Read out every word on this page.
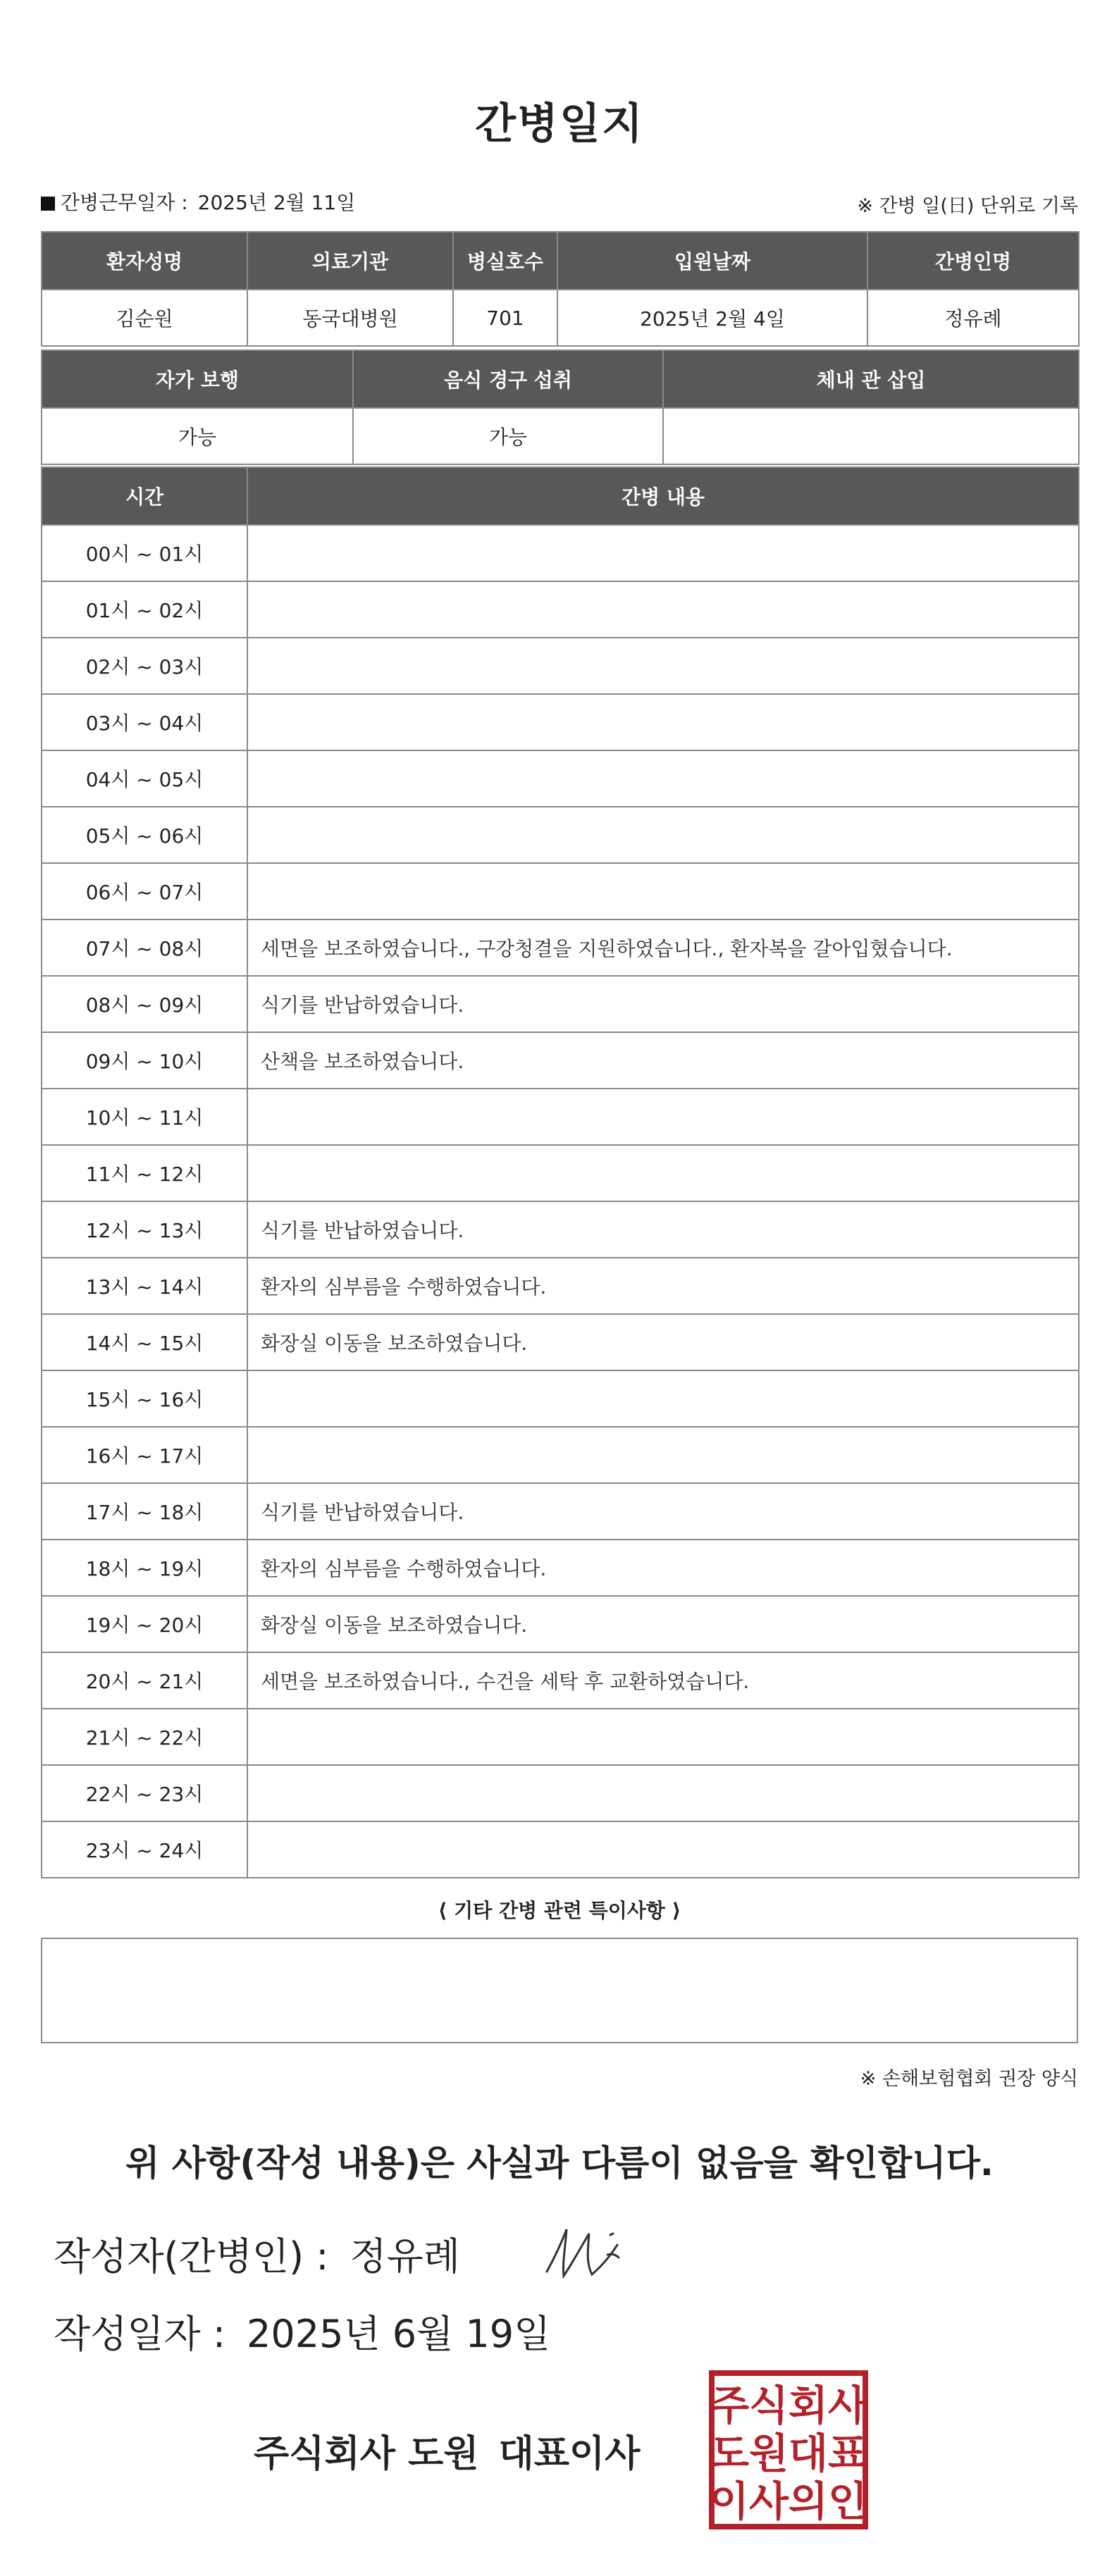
간병일지
간병근무일자 : 2025년 2월 11일	※ 간병 일(日) 단위로 기록
환자성명	의료기관	병실호수	입원날짜	간병인명
김순원	동국대병원	701	2025년 2월 4일	정유례
자가 보행	음식 경구 섭취	체내 관 삽입
가능	가능	
시간	간병 내용
00시 ~ 01시	
01시 ~ 02시	
02시 ~ 03시	
03시 ~ 04시	
04시 ~ 05시	
05시 ~ 06시	
06시 ~ 07시	
07시 ~ 08시	세면을 보조하였습니다., 구강청결을 지원하였습니다., 환자복을 갈아입혔습니다.
08시 ~ 09시	식기를 반납하였습니다.
09시 ~ 10시	산책을 보조하였습니다.
10시 ~ 11시	
11시 ~ 12시	
12시 ~ 13시	식기를 반납하였습니다.
13시 ~ 14시	환자의 심부름을 수행하였습니다.
14시 ~ 15시	화장실 이동을 보조하였습니다.
15시 ~ 16시	
16시 ~ 17시	
17시 ~ 18시	식기를 반납하였습니다.
18시 ~ 19시	환자의 심부름을 수행하였습니다.
19시 ~ 20시	화장실 이동을 보조하였습니다.
20시 ~ 21시	세면을 보조하였습니다., 수건을 세탁 후 교환하였습니다.
21시 ~ 22시	
22시 ~ 23시	
23시 ~ 24시	
⟨ 기타 간병 관련 특이사항 ⟩
※ 손해보험협회 권장 양식
위 사항(작성 내용)은 사실과 다름이 없음을 확인합니다.
작성자(간병인) : 정유례
작성일자 : 2025년 6월 19일
주식회사 도원 대표이사
주식회사
도원대표
이사의인
